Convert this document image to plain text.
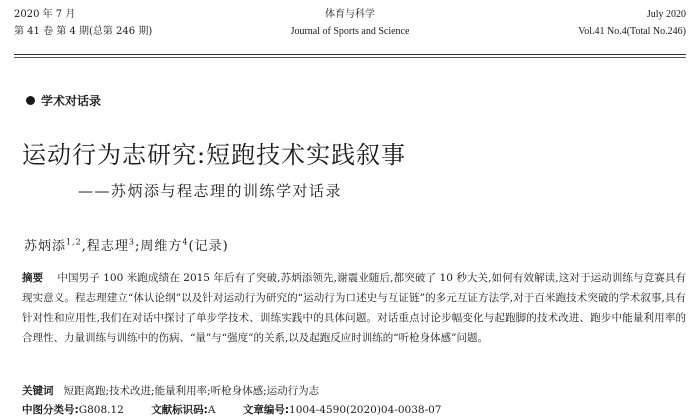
2020 年 7 月
第 41 卷 第 4 期(总第 246 期)
体育与科学
Journal of Sports and Science
July 2020
Vol.41 No.4(Total No.246)
学术对话录
运动行为志研究:短跑技术实践叙事
——苏炳添与程志理的训练学对话录
苏炳添$^{1,2}$,程志理$^3$;周维方$^4$(记录)
摘要 中国男子 100 米跑成绩在 2015 年后有了突破,苏炳添领先,谢震业随后,都突破了 10 秒大关,如何有效解读,这对于运动训练与竞赛具有现实意义。程志理建立“体认论纲”以及针对运动行为研究的“运动行为口述史与互证链”的多元互证方法学,对于百米跑技术突破的学术叙事,具有针对性和应用性,我们在对话中探讨了单步学技术、训练实践中的具体问题。对话重点讨论步幅变化与起跑脚的技术改进、跑步中能量利用率的合理性、力量训练与训练中的伤病、“量”与“强度”的关系,以及起跑反应时训练的“听枪身体感”问题。
关键词 短距离跑;技术改进;能量利用率;听枪身体感;运动行为志
中图分类号:G808.12	文献标识码:A	文章编号:1004-4590(2020)04-0038-07
